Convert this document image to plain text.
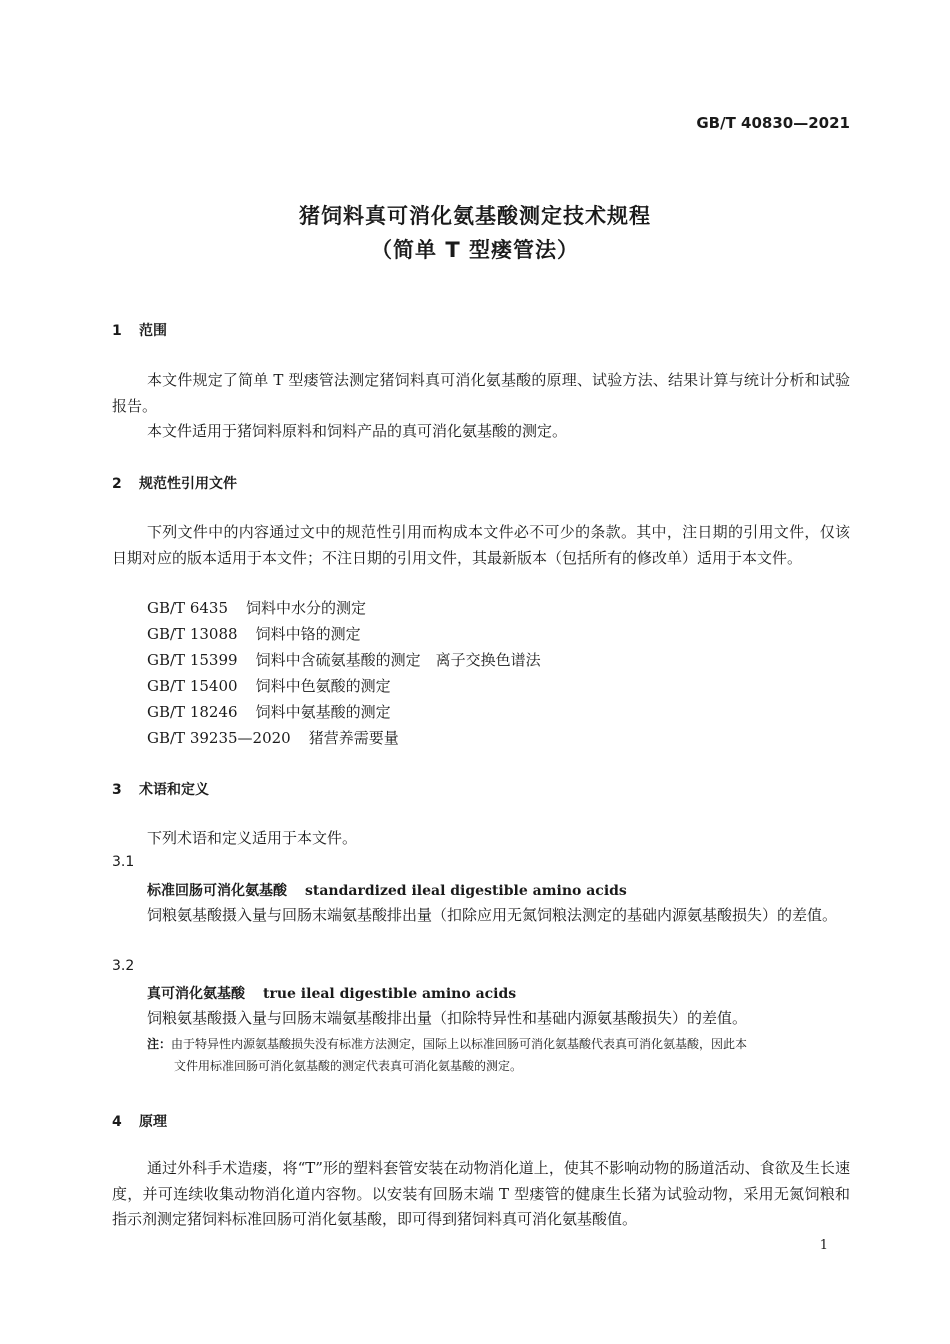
GB/T 40830—2021
猪饲料真可消化氨基酸测定技术规程
（简单 T 型瘘管法）
1 范围
本文件规定了简单 T 型瘘管法测定猪饲料真可消化氨基酸的原理、试验方法、结果计算与统计分析和试验报告。
本文件适用于猪饲料原料和饲料产品的真可消化氨基酸的测定。
2 规范性引用文件
下列文件中的内容通过文中的规范性引用而构成本文件必不可少的条款。其中，注日期的引用文件，仅该日期对应的版本适用于本文件；不注日期的引用文件，其最新版本（包括所有的修改单）适用于本文件。
GB/T 6435 饲料中水分的测定
GB/T 13088 饲料中铬的测定
GB/T 15399 饲料中含硫氨基酸的测定　离子交换色谱法
GB/T 15400 饲料中色氨酸的测定
GB/T 18246 饲料中氨基酸的测定
GB/T 39235—2020 猪营养需要量
3 术语和定义
下列术语和定义适用于本文件。
3.1
标准回肠可消化氨基酸 standardized ileal digestible amino acids
饲粮氨基酸摄入量与回肠末端氨基酸排出量（扣除应用无氮饲粮法测定的基础内源氨基酸损失）的差值。
3.2
真可消化氨基酸 true ileal digestible amino acids
饲粮氨基酸摄入量与回肠末端氨基酸排出量（扣除特异性和基础内源氨基酸损失）的差值。
注：由于特异性内源氨基酸损失没有标准方法测定，国际上以标准回肠可消化氨基酸代表真可消化氨基酸，因此本
文件用标准回肠可消化氨基酸的测定代表真可消化氨基酸的测定。
4 原理
通过外科手术造瘘，将“T”形的塑料套管安装在动物消化道上，使其不影响动物的肠道活动、食欲及生长速度，并可连续收集动物消化道内容物。以安装有回肠末端 T 型瘘管的健康生长猪为试验动物，采用无氮饲粮和指示剂测定猪饲料标准回肠可消化氨基酸，即可得到猪饲料真可消化氨基酸值。
1
